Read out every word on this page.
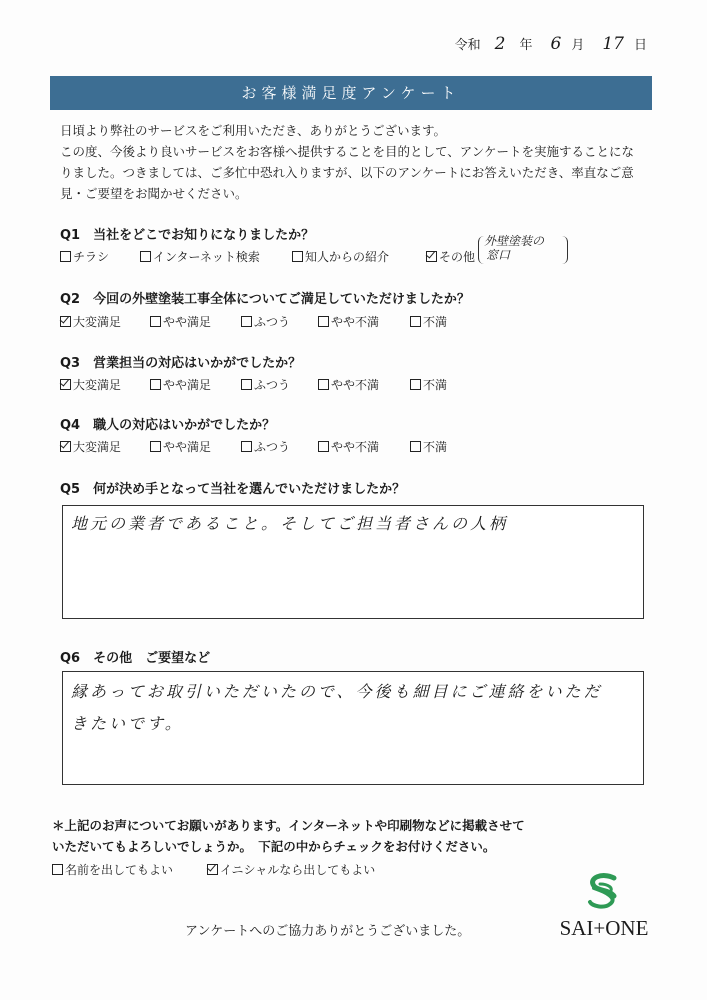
令和 2	年	6 月	17 日
お客様満足度アンケート
日頃より弊社のサービスをご利用いただき、ありがとうございます。
この度、今後より良いサービスをお客様へ提供することを目的として、アンケートを実施することにな
りました。つきましては、ご多忙中恐れ入りますが、以下のアンケートにお答えいただき、率直なご意
見・ご要望をお聞かせください。
Q1　当社をどこでお知りになりましたか？
チラシ	インターネット検索	知人からの紹介	その他
外壁塗装の
窓口
Q2　今回の外壁塗装工事全体についてご満足していただけましたか？
大変満足	やや満足	ふつう	やや不満	不満
Q3　営業担当の対応はいかがでしたか？
大変満足	やや満足	ふつう	やや不満	不満
Q4　職人の対応はいかがでしたか？
大変満足	やや満足	ふつう	やや不満	不満
Q5　何が決め手となって当社を選んでいただけましたか？
地元の業者であること。そしてご担当者さんの人柄
Q6　その他　ご要望など
縁あってお取引いただいたので、今後も細目にご連絡をいただ
きたいです。
＊上記のお声についてお願いがあります。インターネットや印刷物などに掲載させて
いただいてもよろしいでしょうか。　下記の中からチェックをお付けください。
名前を出してもよい	イニシャルなら出してもよい
アンケートへのご協力ありがとうございました。	SAI+ONE
